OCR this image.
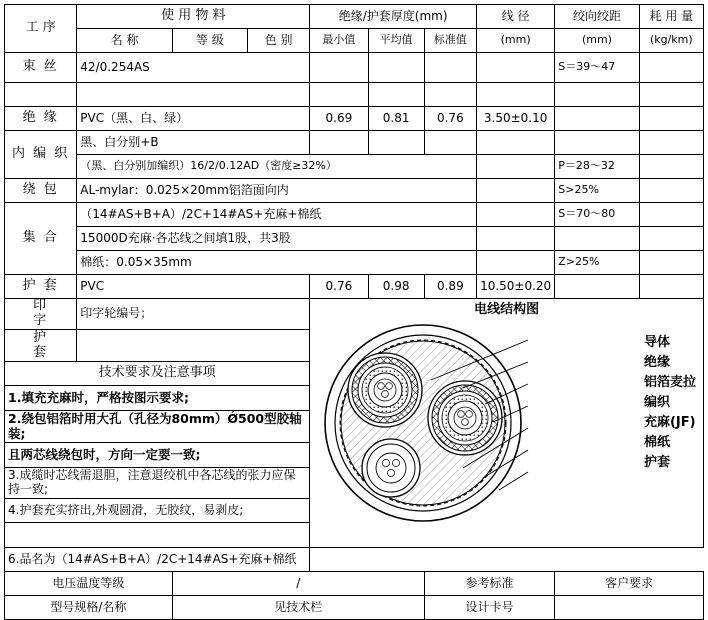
工 序	使 用 物 料			绝缘/护套厚度(mm)			线 径	绞向绞距	耗 用 量
	名 称	等 级	色 别	最小值	平均值	标准值	(mm)	(mm)	(kg/km)
束 丝	42/0.254AS							S＝39～47	

绝 缘	PVC（黑、白、绿）			0.69	0.81	0.76	3.50±0.10		
内 编 织	黑、白分别+B								
	（黑、白分别加编织）16/2/0.12AD（密度≥32%）							P＝28～32	
绕 包	AL-mylar：0.025×20mm铝箔面向内							S>25%	
集 合	（14#AS+B+A）/2C+14#AS+充麻+棉纸							S＝70～80	
	15000D充麻·各芯线之间填1股，共3股								
	棉纸：0.05×35mm							Z>25%	
护 套	PVC			0.76	0.98	0.89	10.50±0.20		

印
字	印字轮编号；	电线结构图
导体
绝缘
铝箔麦拉
编织
充麻(JF)
棉纸
护套

护
套									

技术要求及注意事项									
1.填充充麻时，严格按图示要求;									
2.绕包铝箔时用大孔（孔径为80mm）Ǿ500型胶轴装;									
且两芯线绕包时，方向一定要一致;									
3.成缆时芯线需退胆，注意退绞机中各芯线的张力应保持一致;									
4.护套充实挤出,外观圆滑，无胶纹，易剥皮;									

6.品名为（14#AS+B+A）/2C+14#AS+充麻+棉纸									
电压温度等级		/				参考标准		客户要求	
型号规格/名称		见技术栏				设计卡号			
